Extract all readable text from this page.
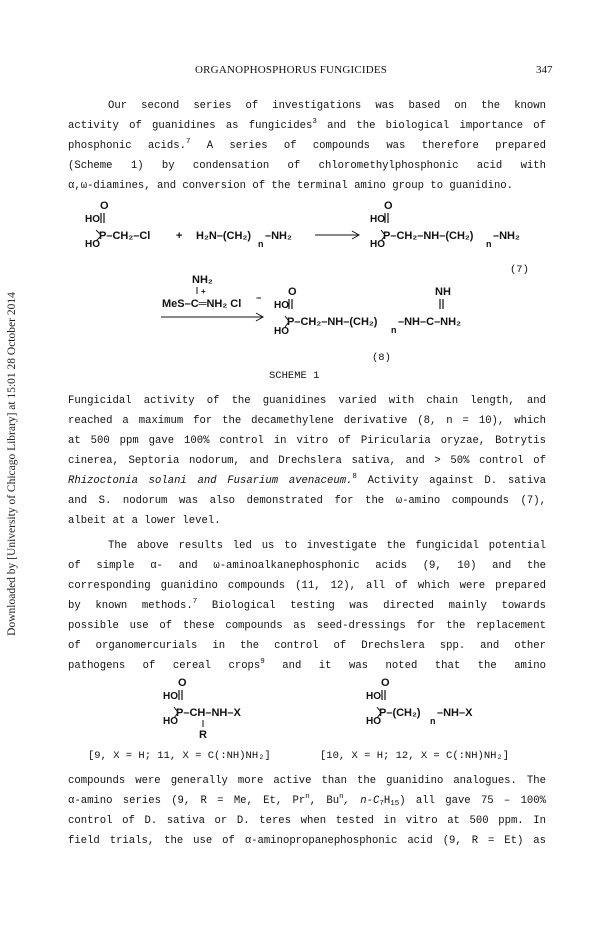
Downloaded by [University of Chicago Library] at 15:01 28 October 2014
ORGANOPHOSPHORUS FUNGICIDES	347
Our second series of investigations was based on the known
activity of guanidines as fungicides$^3$ and the biological importance of
phosphonic acids.$^7$ A series of compounds was therefore prepared
(Scheme 1) by condensation of chloromethylphosphonic acid with
α,ω-diamines, and conversion of the terminal amino group to guanidino.
O
HO
HO
P–CH₂–Cl + H₂N–(CH₂)
n
–NH₂
O
HO
HO
P–CH₂–NH–(CH₂)
n
–NH₂
(7)
NH₂
+
MeS–C═NH₂ Cl − O
HO
HO
P–CH₂–NH–(CH₂)
n
–NH–C–NH₂
NH
(8)
SCHEME 1
Fungicidal activity of the guanidines varied with chain length, and
reached a maximum for the decamethylene derivative (8, n = 10), which
at 500 ppm gave 100% control in vitro of Piricularia oryzae, Botrytis
cinerea, Septoria nodorum, and Drechslera sativa, and > 50% control of
Rhizoctonia solani and Fusarium avenaceum.$^8$ Activity against D. sativa
and S. nodorum was also demonstrated for the ω-amino compounds (7),
albeit at a lower level.
The above results led us to investigate the fungicidal potential
of simple α- and ω-aminoalkanephosphonic acids (9, 10) and the
corresponding guanidino compounds (11, 12), all of which were prepared
by known methods.$^7$ Biological testing was directed mainly towards
possible use of these compounds as seed-dressings for the replacement
of organomercurials in the control of Drechslera spp. and other
pathogens of cereal crops$^9$ and it was noted that the amino
O
HO
HO
P–CH–NH–X
R
O
HO
HO
P–(CH₂)
n
–NH–X
[9, X = H; 11, X = C(:NH)NH₂]	[10, X = H; 12, X = C(:NH)NH₂]
compounds were generally more active than the guanidino analogues. The
α-amino series (9, R = Me, Et, Pr$^n$, Bu$^n$, $n-C_7H_{15}$) all gave 75 – 100%
control of D. sativa or D. teres when tested in vitro at 500 ppm. In
field trials, the use of α-aminopropanephosphonic acid (9, R = Et) as
